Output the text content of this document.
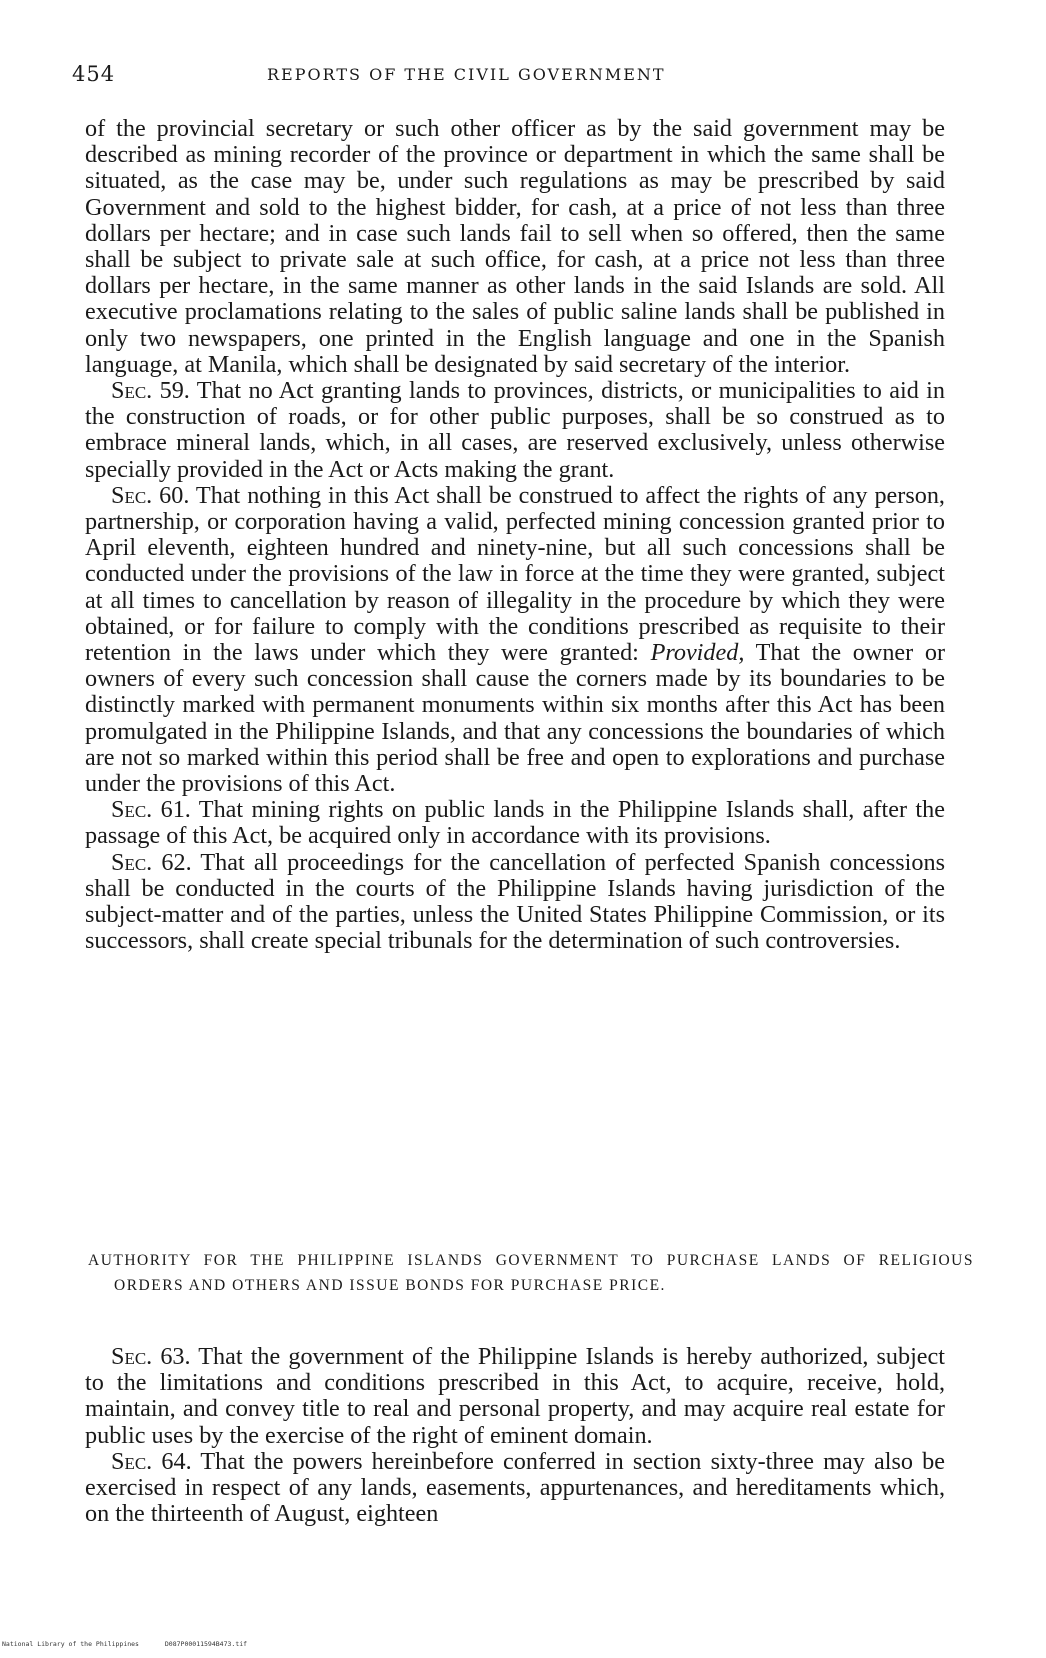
454	REPORTS OF THE CIVIL GOVERNMENT

of the provincial secretary or such other officer as by the said government may be described as mining recorder of the province or department in which the same shall be situated, as the case may be, under such regulations as may be prescribed by said Government and sold to the highest bidder, for cash, at a price of not less than three dollars per hectare; and in case such lands fail to sell when so offered, then the same shall be subject to private sale at such office, for cash, at a price not less than three dollars per hectare, in the same manner as other lands in the said Islands are sold. All executive proclamations relating to the sales of public saline lands shall be published in only two newspapers, one printed in the English language and one in the Spanish language, at Manila, which shall be designated by said secretary of the interior.

Sec. 59. That no Act granting lands to provinces, districts, or municipalities to aid in the construction of roads, or for other public purposes, shall be so construed as to embrace mineral lands, which, in all cases, are reserved exclusively, unless otherwise specially provided in the Act or Acts making the grant.

Sec. 60. That nothing in this Act shall be construed to affect the rights of any person, partnership, or corporation having a valid, perfected mining concession granted prior to April eleventh, eighteen hundred and ninety-nine, but all such concessions shall be conducted under the provisions of the law in force at the time they were granted, subject at all times to cancellation by reason of illegality in the procedure by which they were obtained, or for failure to comply with the conditions prescribed as requisite to their retention in the laws under which they were granted: Provided, That the owner or owners of every such concession shall cause the corners made by its boundaries to be distinctly marked with permanent monuments within six months after this Act has been promulgated in the Philippine Islands, and that any concessions the boundaries of which are not so marked within this period shall be free and open to explorations and purchase under the provisions of this Act.

Sec. 61. That mining rights on public lands in the Philippine Islands shall, after the passage of this Act, be acquired only in accordance with its provisions.

Sec. 62. That all proceedings for the cancellation of perfected Spanish concessions shall be conducted in the courts of the Philippine Islands having jurisdiction of the subject-matter and of the parties, unless the United States Philippine Commission, or its successors, shall create special tribunals for the determination of such controversies.

AUTHORITY FOR THE PHILIPPINE ISLANDS GOVERNMENT TO PURCHASE LANDS OF RELIGIOUS ORDERS AND OTHERS AND ISSUE BONDS FOR PURCHASE PRICE.

Sec. 63. That the government of the Philippine Islands is hereby authorized, subject to the limitations and conditions prescribed in this Act, to acquire, receive, hold, maintain, and convey title to real and personal property, and may acquire real estate for public uses by the exercise of the right of eminent domain.

Sec. 64. That the powers hereinbefore conferred in section sixty-three may also be exercised in respect of any lands, easements, appurtenances, and hereditaments which, on the thirteenth of August, eighteen

National Library of the Philippines	D087P00011594B473.tif
